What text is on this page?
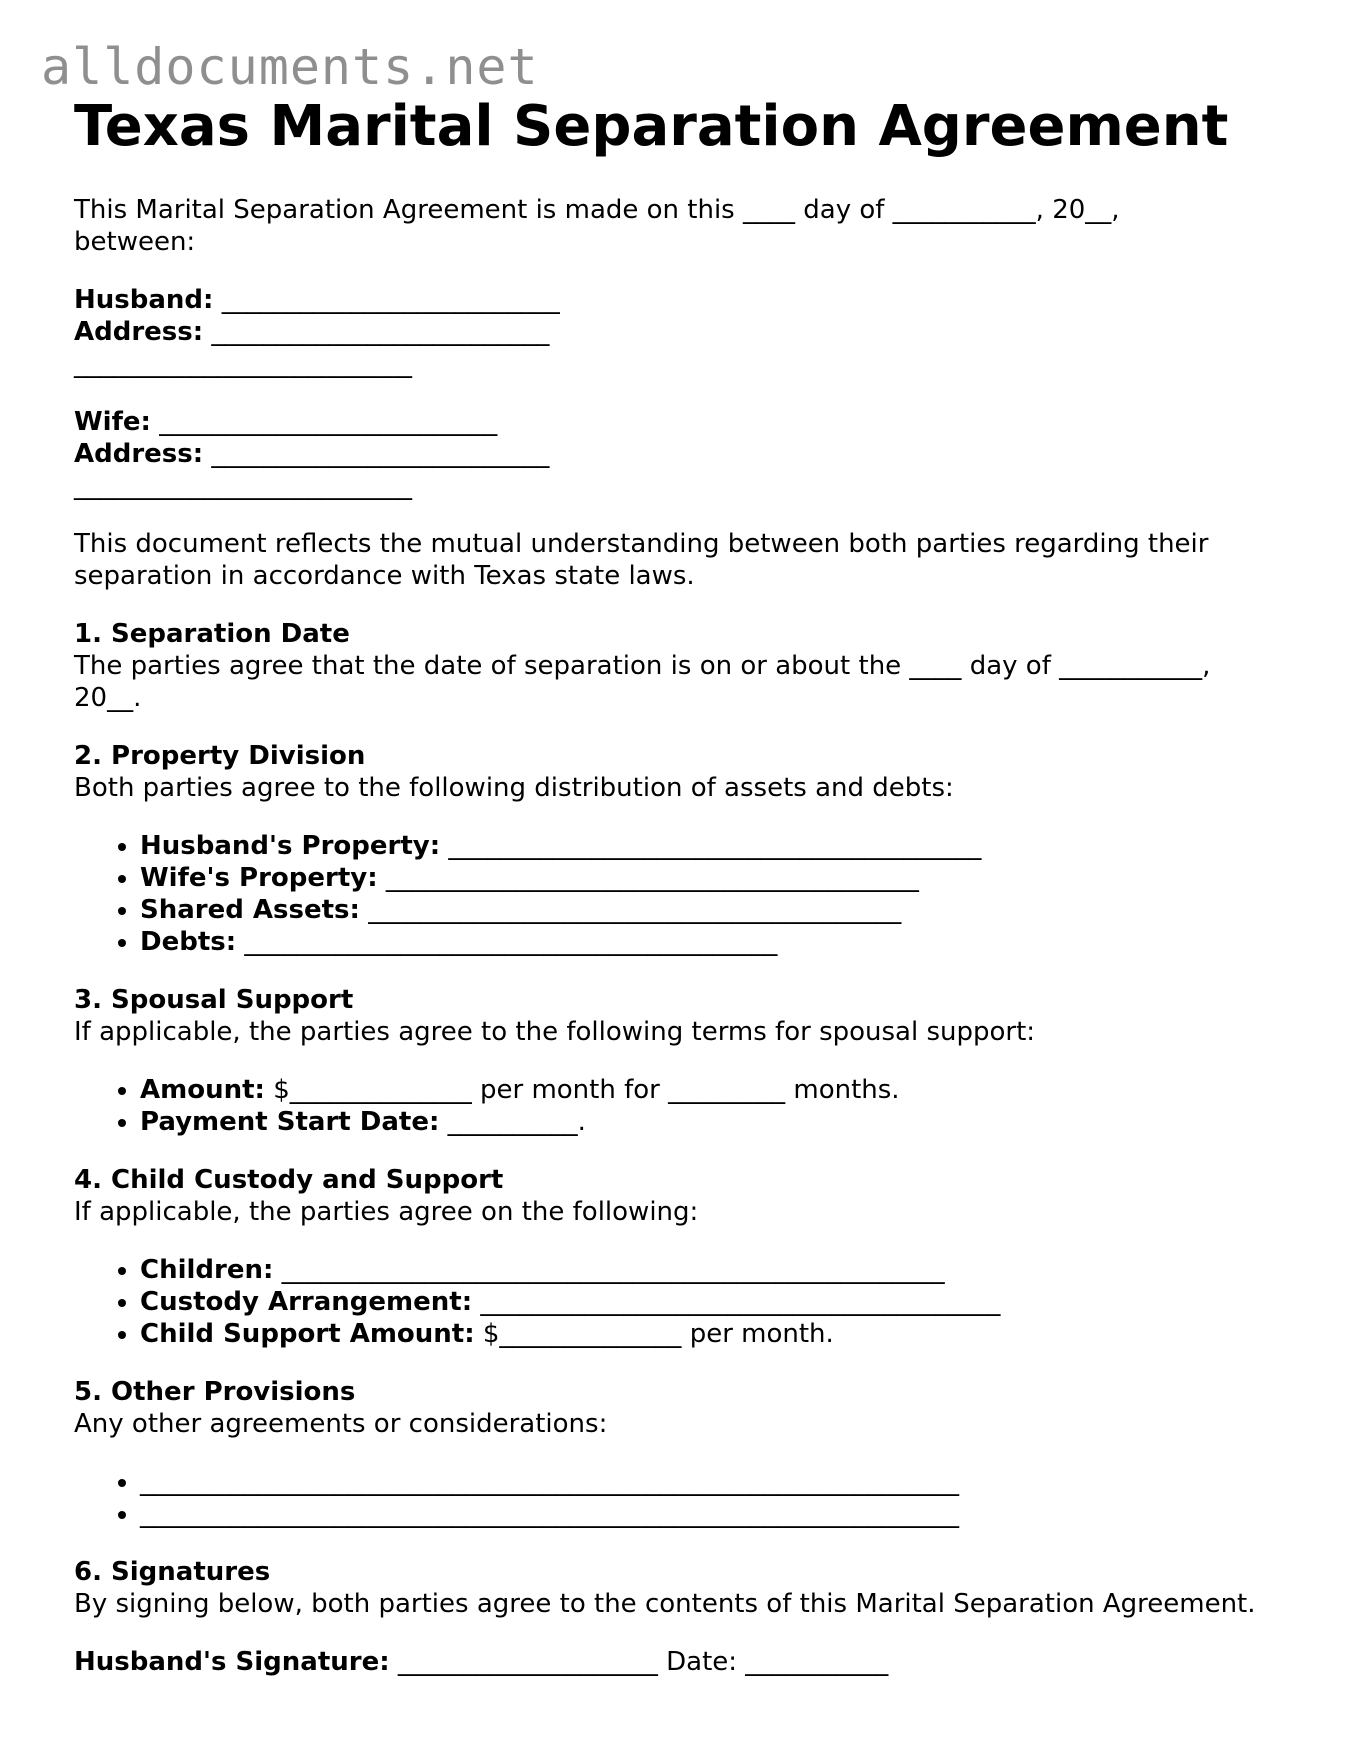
alldocuments.net
Texas Marital Separation Agreement

This Marital Separation Agreement is made on this ____ day of ___________, 20__,
between:

Husband: __________________________
Address: __________________________
__________________________

Wife: __________________________
Address: __________________________
__________________________

This document reflects the mutual understanding between both parties regarding their
separation in accordance with Texas state laws.

1. Separation Date

The parties agree that the date of separation is on or about the ____ day of ___________,
20__.

2. Property Division

Both parties agree to the following distribution of assets and debts:

• Husband's Property: _________________________________________
• Wife's Property: _________________________________________
• Shared Assets: _________________________________________
• Debts: _________________________________________
3. Spousal Support

If applicable, the parties agree to the following terms for spousal support:

• Amount: $______________ per month for _________ months.
• Payment Start Date: __________.
4. Child Custody and Support

If applicable, the parties agree on the following:

• Children: ___________________________________________________
• Custody Arrangement: ________________________________________
• Child Support Amount: $______________ per month.
5. Other Provisions

Any other agreements or considerations:

• _______________________________________________________________
• _______________________________________________________________
6. Signatures

By signing below, both parties agree to the contents of this Marital Separation Agreement.

Husband's Signature: ____________________ Date: ___________
